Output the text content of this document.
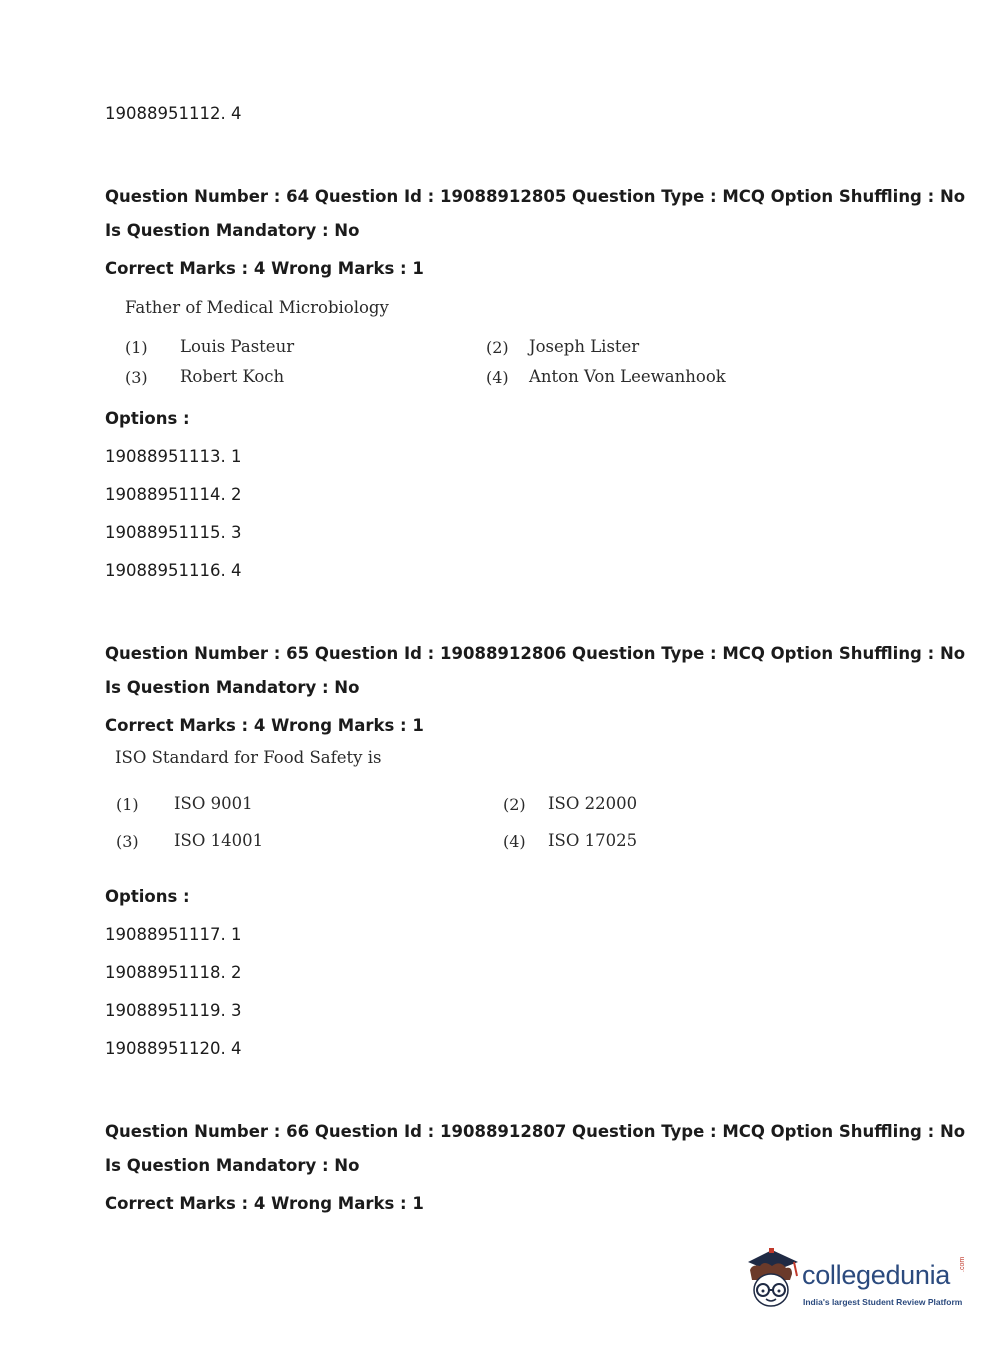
19088951112. 4
Question Number : 64 Question Id : 19088912805 Question Type : MCQ Option Shuffling : No
Is Question Mandatory : No
Correct Marks : 4 Wrong Marks : 1
Father of Medical Microbiology
(1) Louis Pasteur	(2) Joseph Lister
(3) Robert Koch	(4) Anton Von Leewanhook
Options :
19088951113. 1
19088951114. 2
19088951115. 3
19088951116. 4
Question Number : 65 Question Id : 19088912806 Question Type : MCQ Option Shuffling : No
Is Question Mandatory : No
Correct Marks : 4 Wrong Marks : 1
ISO Standard for Food Safety is
(1) ISO 9001	(2) ISO 22000
(3) ISO 14001	(4) ISO 17025
Options :
19088951117. 1
19088951118. 2
19088951119. 3
19088951120. 4
Question Number : 66 Question Id : 19088912807 Question Type : MCQ Option Shuffling : No
Is Question Mandatory : No
Correct Marks : 4 Wrong Marks : 1
collegedunia .com
India's largest Student Review Platform
